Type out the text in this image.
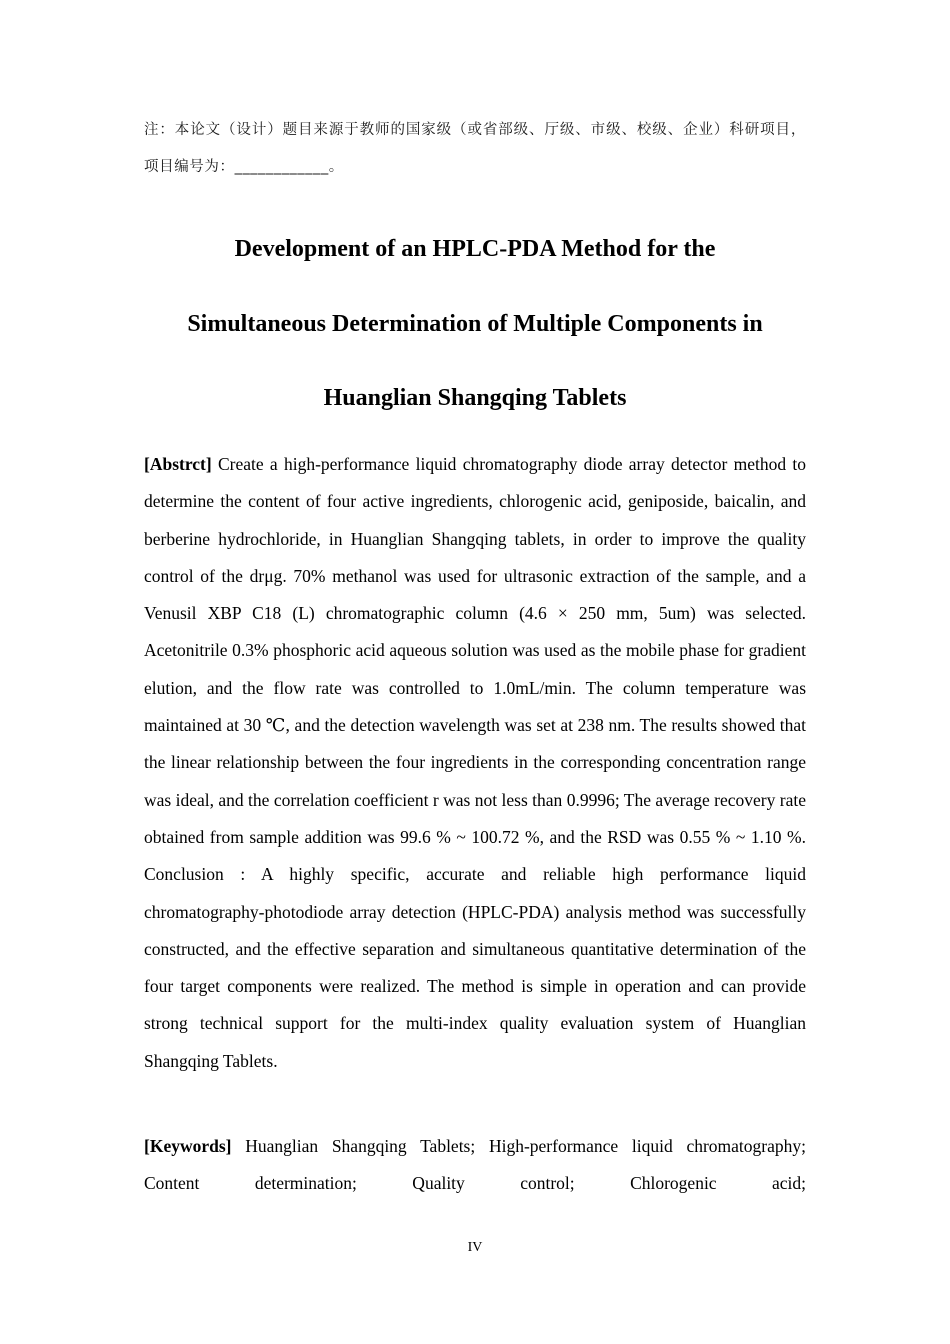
注：本论文（设计）题目来源于教师的国家级（或省部级、厅级、市级、校级、企业）科研项目，项目编号为：____________。
Development of an HPLC-PDA Method for the
Simultaneous Determination of Multiple Components in
Huanglian Shangqing Tablets
[Abstrct] Create a high-performance liquid chromatography diode array detector method to determine the content of four active ingredients, chlorogenic acid, geniposide, baicalin, and berberine hydrochloride, in Huanglian Shangqing tablets, in order to improve the quality control of the drμg. 70% methanol was used for ultrasonic extraction of the sample, and a Venusil XBP C18 (L) chromatographic column (4.6 × 250 mm, 5um) was selected. Acetonitrile 0.3% phosphoric acid aqueous solution was used as the mobile phase for gradient elution, and the flow rate was controlled to 1.0mL/min. The column temperature was maintained at 30 ℃, and the detection wavelength was set at 238 nm. The results showed that the linear relationship between the four ingredients in the corresponding concentration range was ideal, and the correlation coefficient r was not less than 0.9996; The average recovery rate obtained from sample addition was 99.6 % ~ 100.72 %, and the RSD was 0.55 % ~ 1.10 %. Conclusion : A highly specific, accurate and reliable high performance liquid chromatography-photodiode array detection (HPLC-PDA) analysis method was successfully constructed, and the effective separation and simultaneous quantitative determination of the four target components were realized. The method is simple in operation and can provide strong technical support for the multi-index quality evaluation system of Huanglian Shangqing Tablets.
[Keywords] Huanglian Shangqing Tablets; High-performance liquid chromatography; Content determination; Quality control; Chlorogenic acid;
IV
